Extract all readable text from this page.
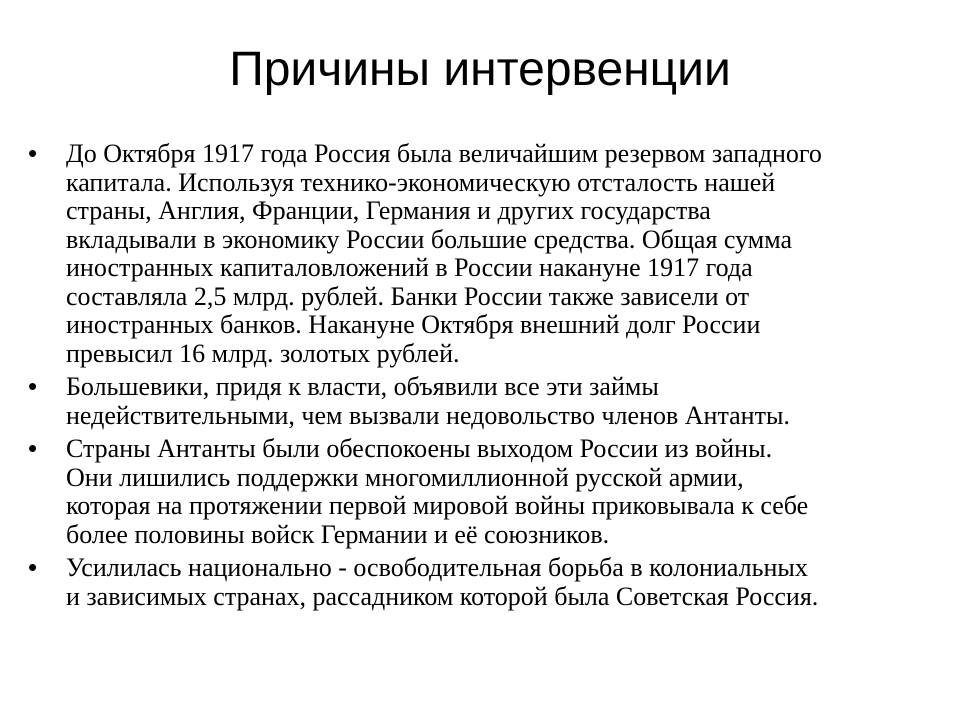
Причины интервенции
•	До Октября 1917 года Россия была величайшим резервом западного
капитала. Используя технико-экономическую отсталость нашей
страны, Англия, Франции, Германия и других государства
вкладывали в экономику России большие средства. Общая сумма
иностранных капиталовложений в России накануне 1917 года
составляла 2,5 млрд. рублей. Банки России также зависели от
иностранных банков. Накануне Октября внешний долг России
превысил 16 млрд. золотых рублей.
•	Большевики, придя к власти, объявили все эти займы
недействительными, чем вызвали недовольство членов Антанты.
•	Страны Антанты были обеспокоены выходом России из войны.
Они лишились поддержки многомиллионной русской армии,
которая на протяжении первой мировой войны приковывала к себе
более половины войск Германии и её союзников.
•	Усилилась национально - освободительная борьба в колониальных
и зависимых странах, рассадником которой была Советская Россия.
